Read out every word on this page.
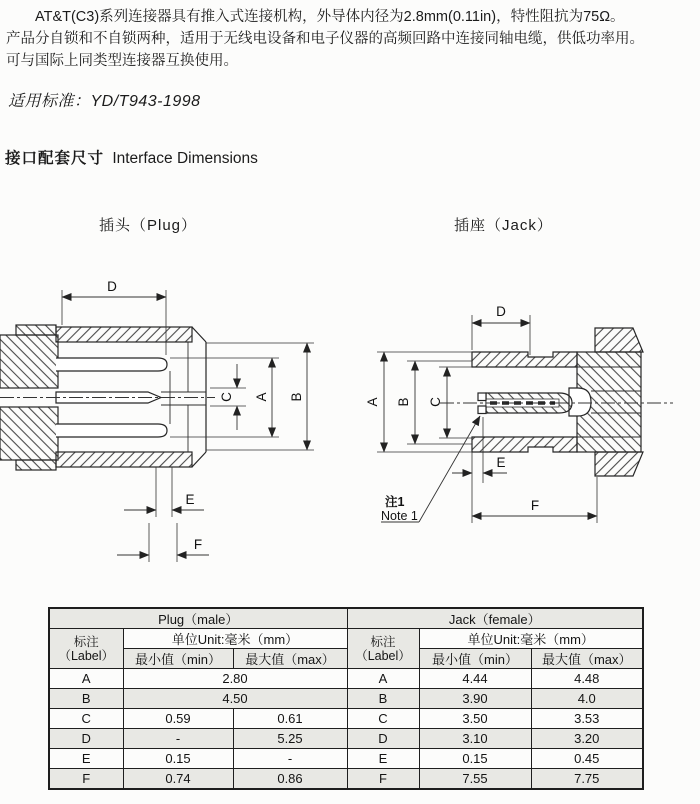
AT&T(C3)系列连接器具有推入式连接机构，外导体内径为2.8mm(0.11in)，特性阻抗为75Ω。
产品分自锁和不自锁两种，适用于无线电设备和电子仪器的高频回路中连接同轴电缆，供低功率用。
可与国际上同类型连接器互换使用。
适用标准：YD/T943-1998
接口配套尺寸 Interface Dimensions
插头（Plug）	插座（Jack）
D
B
A
C
E
F
D
A B C
E
F
注1
Note 1
Plug（male）			Jack（female）		

标注
（Label）
	单位Unit:毫米（mm）	标注
（Label）
	单位Unit:毫米（mm）
	最小值（min）	最大值（max）		最小值（min）	最大值（max）
A	2.80		A	4.44	4.48
B	4.50		B	3.90	4.0
C	0.59	0.61	C	3.50	3.53
D	-	5.25	D	3.10	3.20
E	0.15	-	E	0.15	0.45
F	0.74	0.86	F	7.55	7.75
